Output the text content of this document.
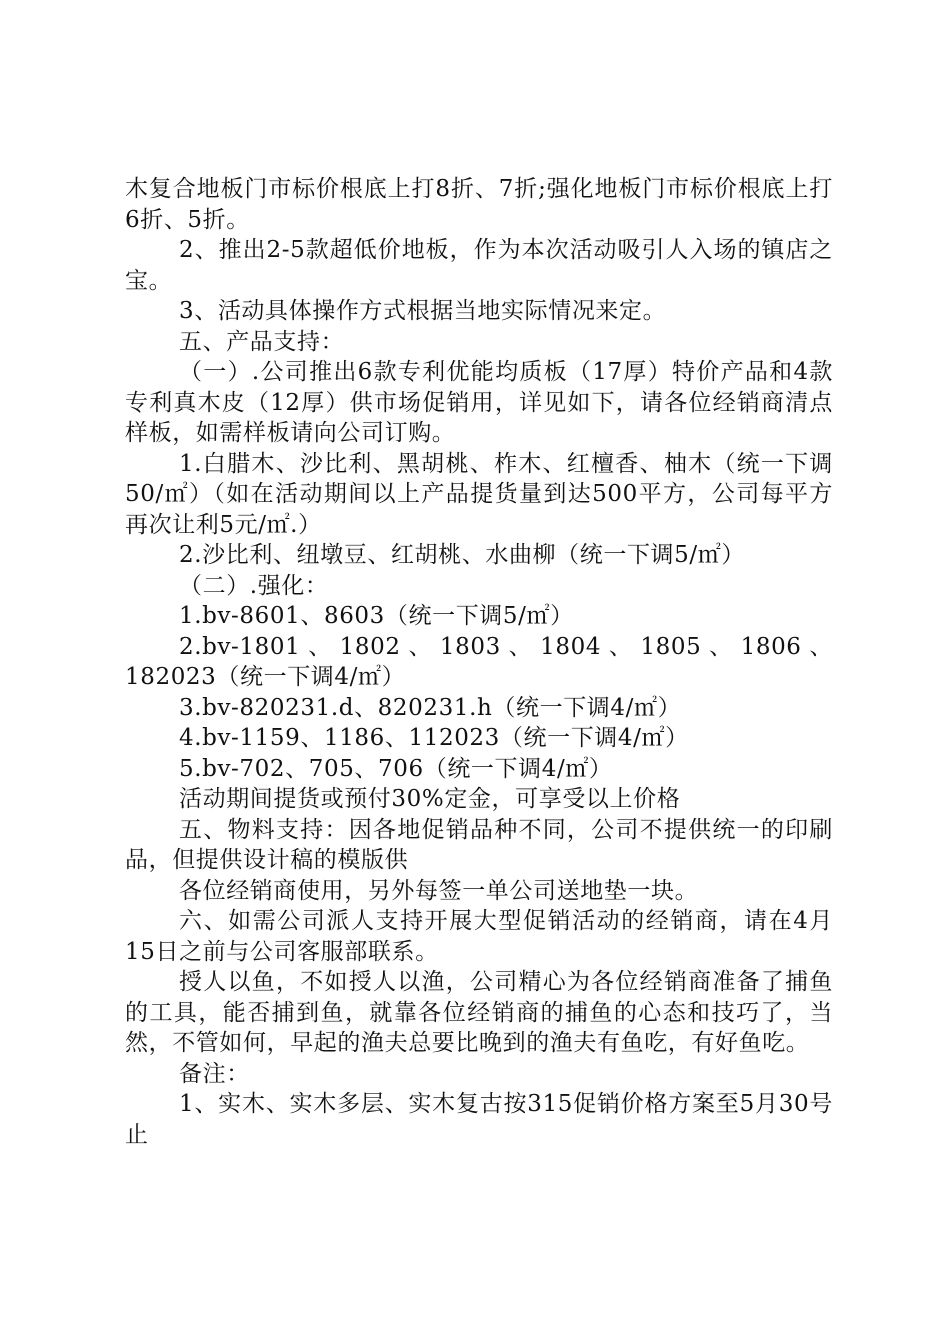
木复合地板门市标价根底上打8折、7折;强化地板门市标价根底上打6折、5折。

2、推出2-5款超低价地板，作为本次活动吸引人入场的镇店之宝。

3、活动具体操作方式根据当地实际情况来定。

五、产品支持：

（一）.公司推出6款专利优能均质板（17厚）特价产品和4款专利真木皮（12厚）供市场促销用，详见如下，请各位经销商清点样板，如需样板请向公司订购。

1.白腊木、沙比利、黑胡桃、柞木、红檀香、柚木（统一下调50/㎡）（如在活动期间以上产品提货量到达500平方，公司每平方再次让利5元/㎡.）

2.沙比利、纽墩豆、红胡桃、水曲柳（统一下调5/㎡）

（二）.强化：

1.bv-8601、8603（统一下调5/㎡）

2.bv-1801、1802、1803、1804、1805、1806、182023（统一下调4/㎡）

3.bv-820231.d、820231.h（统一下调4/㎡）

4.bv-1159、1186、112023（统一下调4/㎡）

5.bv-702、705、706（统一下调4/㎡）

活动期间提货或预付30%定金，可享受以上价格

五、物料支持：因各地促销品种不同，公司不提供统一的印刷品，但提供设计稿的模版供

各位经销商使用，另外每签一单公司送地垫一块。

六、如需公司派人支持开展大型促销活动的经销商，请在4月15日之前与公司客服部联系。

授人以鱼，不如授人以渔，公司精心为各位经销商准备了捕鱼的工具，能否捕到鱼，就靠各位经销商的捕鱼的心态和技巧了，当然，不管如何，早起的渔夫总要比晚到的渔夫有鱼吃，有好鱼吃。

备注：

1、实木、实木多层、实木复古按315促销价格方案至5月30号止
